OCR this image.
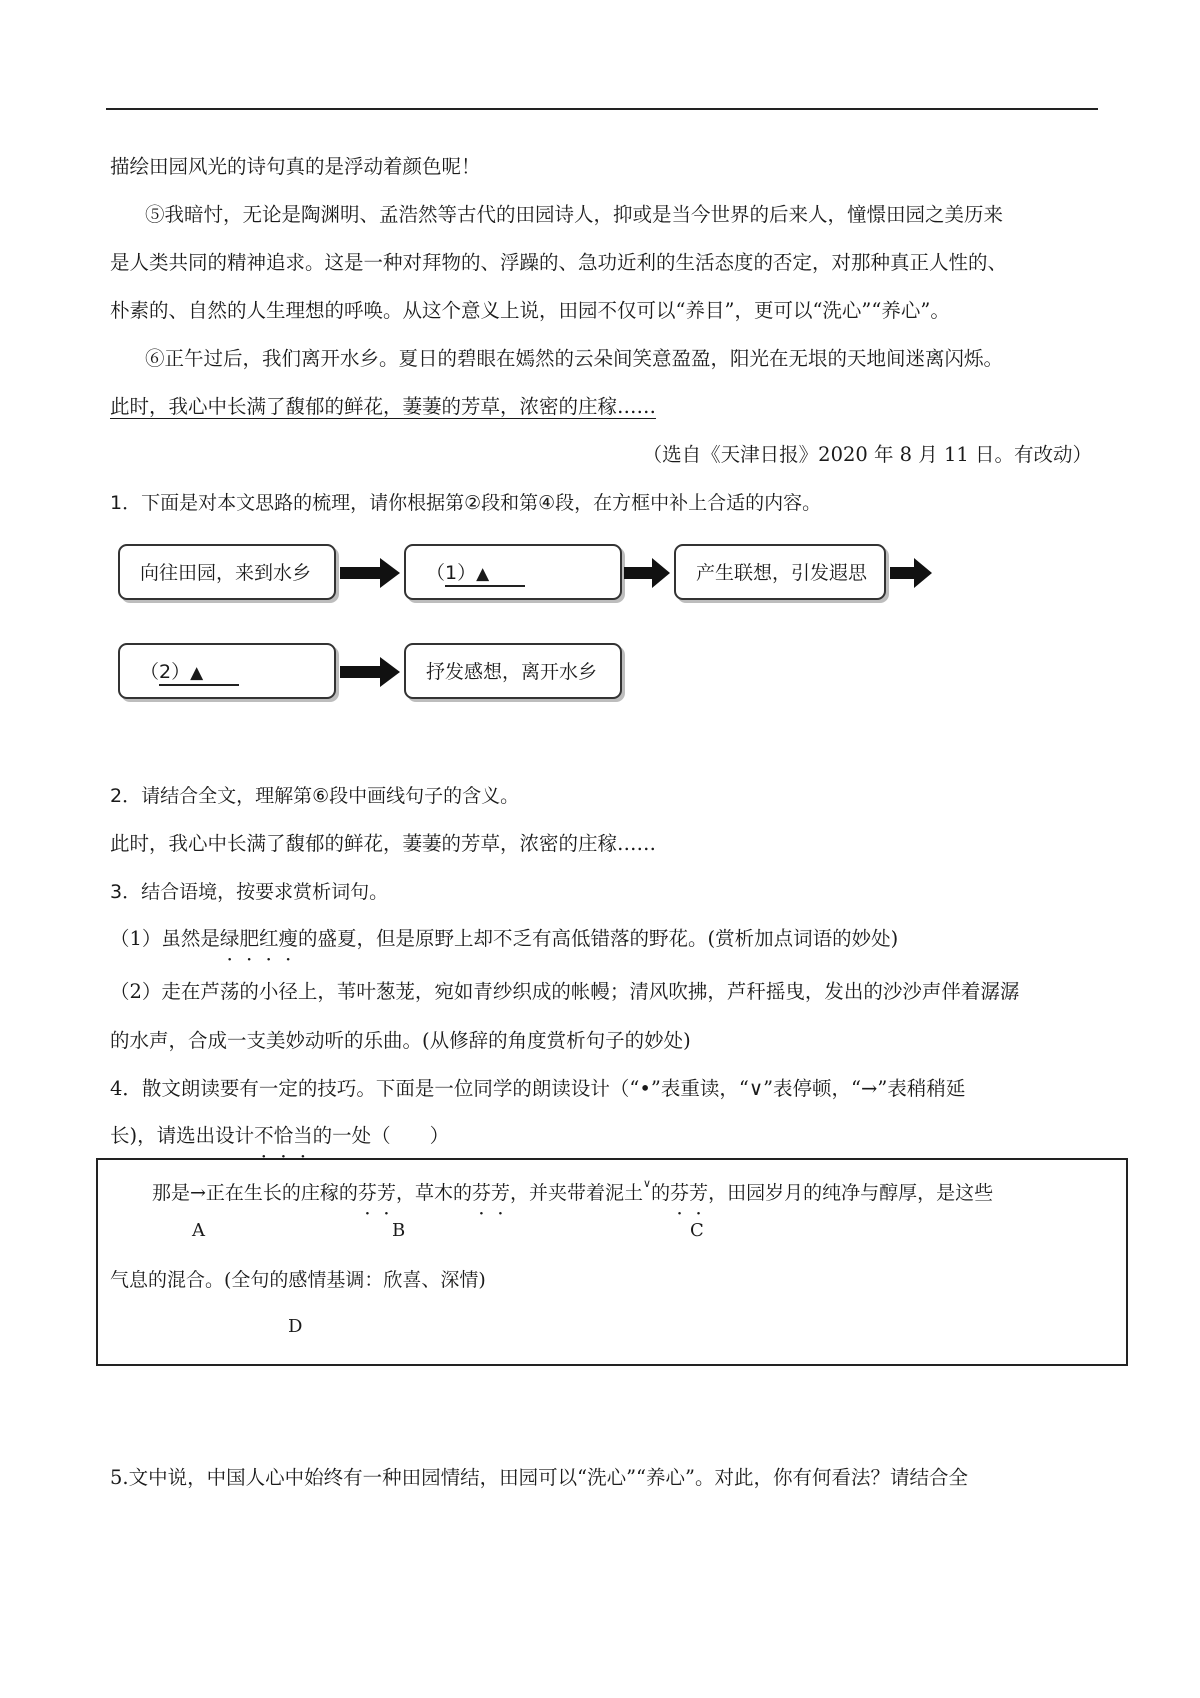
描绘田园风光的诗句真的是浮动着颜色呢！
⑤我暗忖，无论是陶渊明、孟浩然等古代的田园诗人，抑或是当今世界的后来人，憧憬田园之美历来
是人类共同的精神追求。这是一种对拜物的、浮躁的、急功近利的生活态度的否定，对那种真正人性的、
朴素的、自然的人生理想的呼唤。从这个意义上说，田园不仅可以“养目”，更可以“洗心”“养心”。
⑥正午过后，我们离开水乡。夏日的碧眼在嫣然的云朵间笑意盈盈，阳光在无垠的天地间迷离闪烁。
此时，我心中长满了馥郁的鲜花，萋萋的芳草，浓密的庄稼……
（选自《天津日报》2020 年 8 月 11 日。有改动）
1．下面是对本文思路的梳理，请你根据第②段和第④段，在方框中补上合适的内容。
向往田园，来到水乡	（1）▲	产生联想，引发遐思
（2）▲	抒发感想，离开水乡
2．请结合全文，理解第⑥段中画线句子的含义。
此时，我心中长满了馥郁的鲜花，萋萋的芳草，浓密的庄稼……
3．结合语境，按要求赏析词句。
（1）虽然是绿肥红瘦的盛夏，但是原野上却不乏有高低错落的野花。(赏析加点词语的妙处)
（2）走在芦荡的小径上，苇叶葱茏，宛如青纱织成的帐幔；清风吹拂，芦秆摇曳，发出的沙沙声伴着潺潺
的水声，合成一支美妙动听的乐曲。(从修辞的角度赏析句子的妙处)
4．散文朗读要有一定的技巧。下面是一位同学的朗读设计（“•”表重读，“∨”表停顿，“→”表稍稍延
长)，请选出设计不恰当的一处（　　）
那是→正在生长的庄稼的芬芳，草木的芬芳，并夹带着泥土∨的芬芳，田园岁月的纯净与醇厚，是这些
A	B	C
气息的混合。(全句的感情基调：欣喜、深情)
D
5.文中说，中国人心中始终有一种田园情结，田园可以“洗心”“养心”。对此，你有何看法？请结合全
